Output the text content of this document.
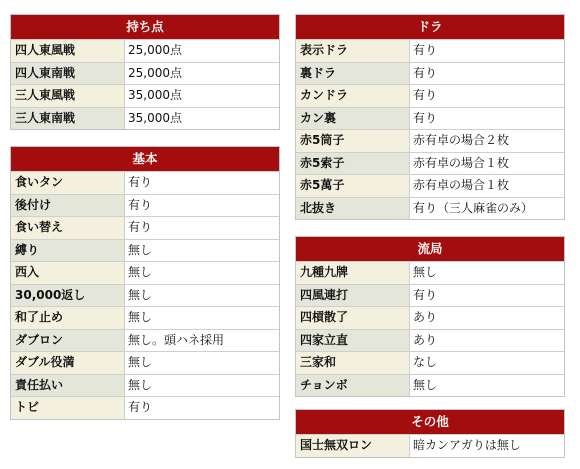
持ち点
四人東風戦	25,000点
四人東南戦	25,000点
三人東風戦	35,000点
三人東南戦	35,000点
基本
食いタン	有り
後付け	有り
食い替え	有り
縛り	無し
西入	無し
30,000返し	無し
和了止め	無し
ダブロン	無し。頭ハネ採用
ダブル役満	無し
責任払い	無し
トビ	有り
ドラ
表示ドラ	有り
裏ドラ	有り
カンドラ	有り
カン裏	有り
赤5筒子	赤有卓の場合２枚
赤5索子	赤有卓の場合１枚
赤5萬子	赤有卓の場合１枚
北抜き	有り（三人麻雀のみ）
流局
九種九牌	無し
四風連打	有り
四槓散了	あり
四家立直	あり
三家和	なし
チョンボ	無し
その他
国士無双ロン	暗カンアガりは無し
